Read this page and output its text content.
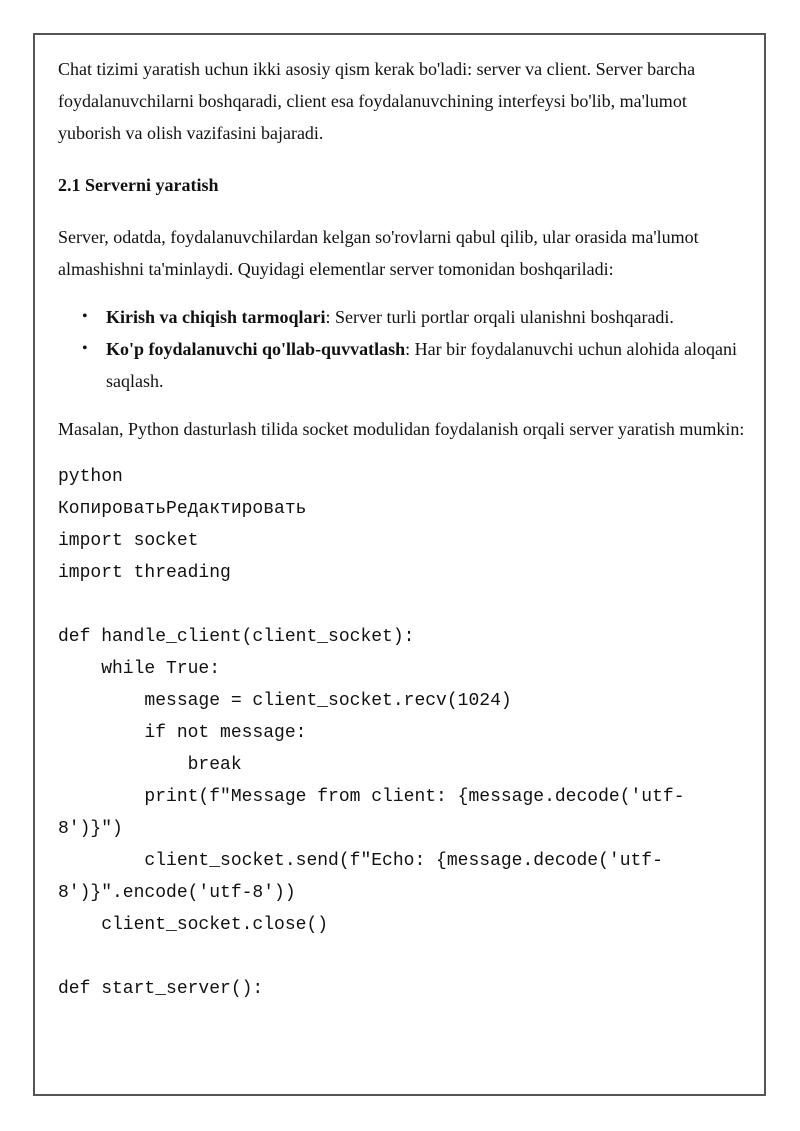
Chat tizimi yaratish uchun ikki asosiy qism kerak bo'ladi: server va client. Server barcha foydalanuvchilarni boshqaradi, client esa foydalanuvchining interfeysi bo'lib, ma'lumot yuborish va olish vazifasini bajaradi.

2.1 Serverni yaratish

Server, odatda, foydalanuvchilardan kelgan so'rovlarni qabul qilib, ular orasida ma'lumot almashishni ta'minlaydi. Quyidagi elementlar server tomonidan boshqariladi:

• Kirish va chiqish tarmoqlari: Server turli portlar orqali ulanishni boshqaradi.
• Ko'p foydalanuvchi qo'llab-quvvatlash: Har bir foydalanuvchi uchun alohida aloqani saqlash.

Masalan, Python dasturlash tilida socket modulidan foydalanish orqali server yaratish mumkin:

python
КопироватьРедактировать
import socket
import threading

def handle_client(client_socket):
while True:
message = client_socket.recv(1024)
if not message:
break
print(f"Message from client: {message.decode('utf-
8')}")
client_socket.send(f"Echo: {message.decode('utf-
8')}".encode('utf-8'))
client_socket.close()

def start_server():
